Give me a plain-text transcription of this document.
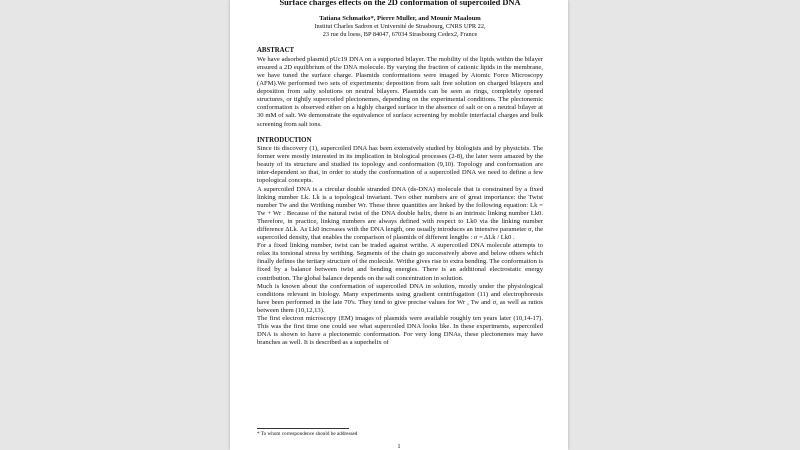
Surface charges effects on the 2D conformation of supercoiled DNA
Tatiana Schmatko*, Pierre Muller, and Mounir Maaloum
Institut Charles Sadron et Université de Strasbourg, CNRS UPR 22,
23 rue du loess, BP 84047, 67034 Strasbourg Cedex2, France
ABSTRACT

We have adsorbed plasmid pUc19 DNA on a supported bilayer. The mobility of the lipids within the bilayer ensured a 2D equilibrium of the DNA molecule. By varying the fraction of cationic lipids in the membrane, we have tuned the surface charge. Plasmids conformations were imaged by Atomic Force Microscopy (AFM).We performed two sets of experiments: deposition from salt free solution on charged bilayers and deposition from salty solutions on neutral bilayers. Plasmids can be seen as rings, completely opened structures, or tightly supercoiled plectonemes, depending on the experimental conditions. The plectonemic conformation is observed either on a highly charged surface in the absence of salt or on a neutral bilayer at 30 mM of salt. We demonstrate the equivalence of surface screening by mobile interfacial charges and bulk screening from salt ions.

INTRODUCTION

Since its discovery (1), supercoiled DNA has been extensively studied by biologists and by physicists. The former were mostly interested in its implication in biological processes (2-8), the later were amazed by the beauty of its structure and studied its topology and conformation (9,10). Topology and conformation are inter-dependent so that, in order to study the conformation of a supercoiled DNA we need to define a few topological concepts.

A supercoiled DNA is a circular double stranded DNA (ds-DNA) molecule that is constrained by a fixed linking number Lk. Lk is a topological invariant. Two other numbers are of great importance: the Twist number Tw and the Writhing number Wr. These three quantities are linked by the following equation: Lk = Tw + Wr . Because of the natural twist of the DNA double helix, there is an intrinsic linking number Lk0. Therefore, in practice, linking numbers are always defined with respect to Lk0 via the linking number difference ΔLk. As Lk0 increases with the DNA length, one usually introduces an intensive parameter σ, the supercoiled density, that enables the comparison of plasmids of different lengths : σ = ΔLk / Lk0 .

For a fixed linking number, twist can be traded against writhe. A supercoiled DNA molecule attempts to relax its torsional stress by writhing. Segments of the chain go successively above and below others which finally defines the tertiary structure of the molecule. Writhe gives rise to extra bending. The conformation is fixed by a balance between twist and bending energies. There is an additional electrostatic energy contribution. The global balance depends on the salt concentration in solution.

Much is known about the conformation of supercoiled DNA in solution, mostly under the physiological conditions relevant in biology. Many experiments using gradient centrifugation (11) and electrophoresis have been performed in the late 70's. They tend to give precise values for Wr , Tw and σ, as well as ratios between them (10,12,13).

The first electron microscopy (EM) images of plasmids were available roughly ten years later (10,14-17). This was the first time one could see what supercoiled DNA looks like. In these experiments, supercoiled DNA is shown to have a plectonemic conformation. For very long DNAs, these plectonemes may have branches as well. It is described as a superhelix of

* To whom correspondence should be addressed
1
